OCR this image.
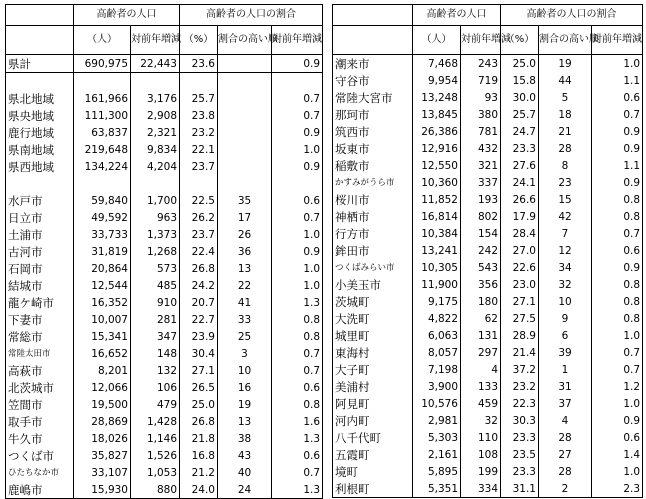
	高齢者の人口		高齢者の人口の割合		
	（人）	対前年増減	（%）	割合の高い順	対前年増減
県計	690,975	22,443	23.6		0.9

県北地域	161,966	3,176	25.7		0.7
県央地域	111,300	2,908	23.8		0.7
鹿行地域	63,837	2,321	23.2		0.9
県南地域	219,648	9,834	22.1		1.0
県西地域	134,224	4,204	23.7		0.9

水戸市	59,840	1,700	22.5	35	0.6
日立市	49,592	963	26.2	17	0.7
土浦市	33,733	1,373	23.7	26	1.0
古河市	31,819	1,268	22.4	36	0.9
石岡市	20,864	573	26.8	13	1.0
結城市	12,544	485	24.2	22	1.0
龍ケ崎市	16,352	910	20.7	41	1.3
下妻市	10,007	281	22.7	33	0.8
常総市	15,341	347	23.9	25	0.8
常陸太田市	16,652	148	30.4	3	0.7
高萩市	8,201	132	27.1	10	0.7
北茨城市	12,066	106	26.5	16	0.6
笠間市	19,500	479	25.0	19	0.8
取手市	28,869	1,428	26.8	13	1.6
牛久市	18,026	1,146	21.8	38	1.3
つくば市	35,827	1,526	16.8	43	0.6
ひたちなか市	33,107	1,053	21.2	40	0.7
鹿嶋市	15,930	880	24.0	24	1.3
	高齢者の人口		高齢者の人口の割合		
	（人）	対前年増減	（%）	割合の高い順	対前年増減
潮来市	7,468	243	25.0	19	1.0
守谷市	9,954	719	15.8	44	1.1
常陸大宮市	13,248	93	30.0	5	0.6
那珂市	13,845	380	25.7	18	0.7
筑西市	26,386	781	24.7	21	0.9
坂東市	12,916	432	23.3	28	0.9
稲敷市	12,550	321	27.6	8	1.1
かすみがうら市	10,360	337	24.1	23	0.9
桜川市	11,852	193	26.6	15	0.8
神栖市	16,814	802	17.9	42	0.8
行方市	10,384	154	28.4	7	0.7
鉾田市	13,241	242	27.0	12	0.6
つくばみらい市	10,305	543	22.6	34	0.9
小美玉市	11,900	356	23.0	32	0.8
茨城町	9,175	180	27.1	10	0.8
大洗町	4,822	62	27.5	9	0.8
城里町	6,063	131	28.9	6	1.0
東海村	8,057	297	21.4	39	0.7
大子町	7,198	4	37.2	1	0.7
美浦村	3,900	133	23.2	31	1.2
阿見町	10,576	459	22.3	37	1.0
河内町	2,981	32	30.3	4	0.9
八千代町	5,303	110	23.3	28	0.6
五霞町	2,161	108	23.5	27	1.4
境町	5,895	199	23.3	28	1.0
利根町	5,351	334	31.1	2	2.3
